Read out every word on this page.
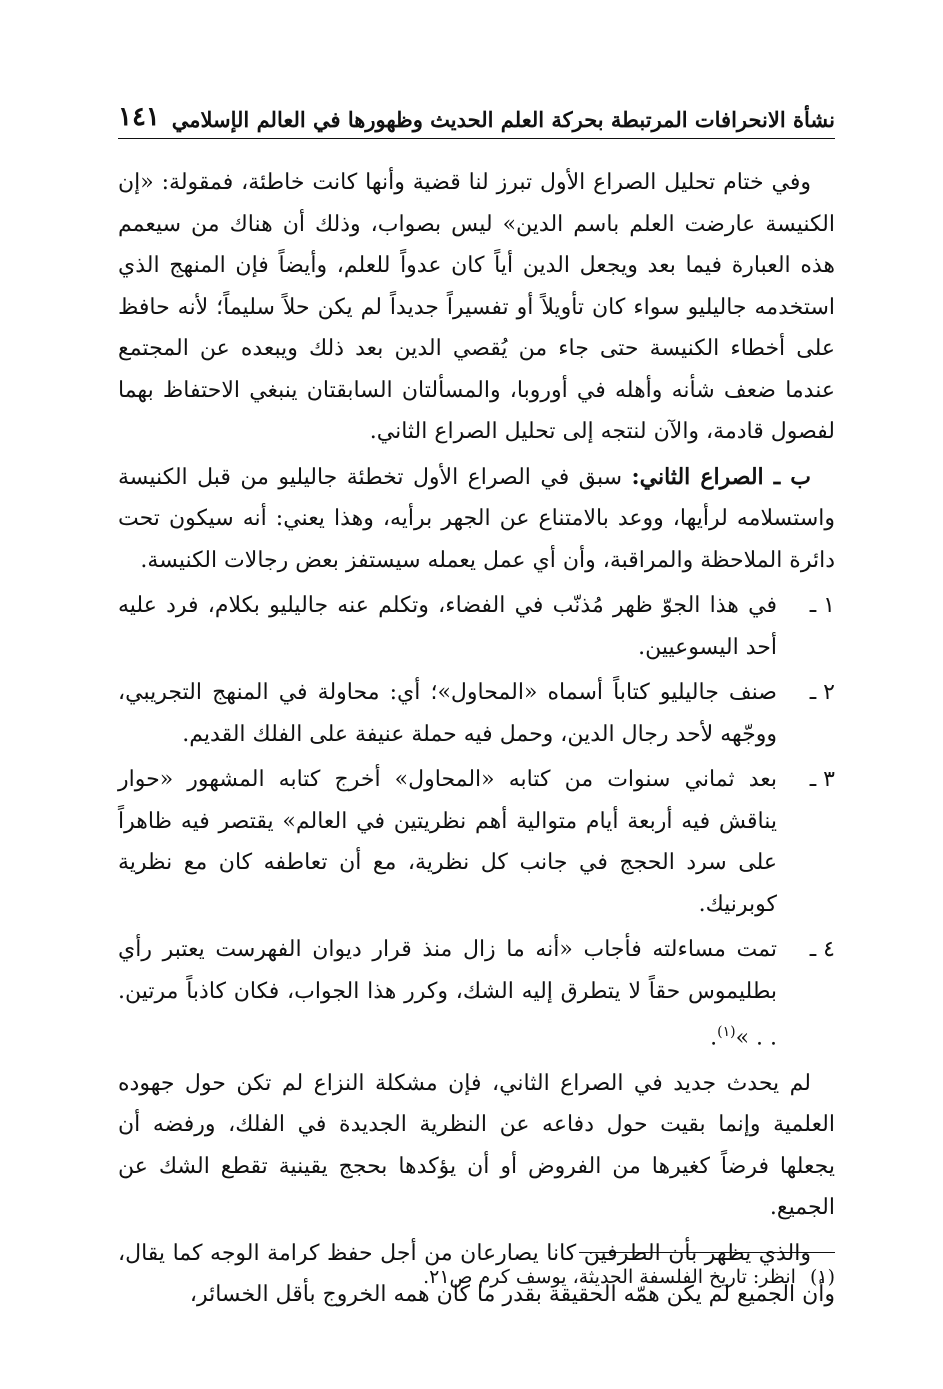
نشأة الانحرافات المرتبطة بحركة العلم الحديث وظهورها في العالم الإسلامي
١٤١

وفي ختام تحليل الصراع الأول تبرز لنا قضية وأنها كانت خاطئة، فمقولة: «إن الكنيسة عارضت العلم باسم الدين» ليس بصواب، وذلك أن هناك من سيعمم هذه العبارة فيما بعد ويجعل الدين أياً كان عدواً للعلم، وأيضاً فإن المنهج الذي استخدمه جاليليو سواء كان تأويلاً أو تفسيراً جديداً لم يكن حلاً سليماً؛ لأنه حافظ على أخطاء الكنيسة حتى جاء من يُقصي الدين بعد ذلك ويبعده عن المجتمع عندما ضعف شأنه وأهله في أوروبا، والمسألتان السابقتان ينبغي الاحتفاظ بهما لفصول قادمة، والآن لنتجه إلى تحليل الصراع الثاني.

ب ـ الصراع الثاني: سبق في الصراع الأول تخطئة جاليليو من قبل الكنيسة واستسلامه لرأيها، ووعد بالامتناع عن الجهر برأيه، وهذا يعني: أنه سيكون تحت دائرة الملاحظة والمراقبة، وأن أي عمل يعمله سيستفز بعض رجالات الكنيسة.

١ ـ
في هذا الجوّ ظهر مُذنّب في الفضاء، وتكلم عنه جاليليو بكلام، فرد عليه أحد اليسوعيين.
٢ ـ
صنف جاليليو كتاباً أسماه «المحاول»؛ أي: محاولة في المنهج التجريبي، ووجّهه لأحد رجال الدين، وحمل فيه حملة عنيفة على الفلك القديم.
٣ ـ
بعد ثماني سنوات من كتابه «المحاول» أخرج كتابه المشهور «حوار يناقش فيه أربعة أيام متوالية أهم نظريتين في العالم» يقتصر فيه ظاهراً على سرد الحجج في جانب كل نظرية، مع أن تعاطفه كان مع نظرية كوبرنيك.
٤ ـ
تمت مساءلته فأجاب «أنه ما زال منذ قرار ديوان الفهرست يعتبر رأي بطليموس حقاً لا يتطرق إليه الشك، وكرر هذا الجواب، فكان كاذباً مرتين. . . »$^{(١)}$.

لم يحدث جديد في الصراع الثاني، فإن مشكلة النزاع لم تكن حول جهوده العلمية وإنما بقيت حول دفاعه عن النظرية الجديدة في الفلك، ورفضه أن يجعلها فرضاً كغيرها من الفروض أو أن يؤكدها بحجج يقينية تقطع الشك عن الجميع.

والذي يظهر بأن الطرفين كانا يصارعان من أجل حفظ كرامة الوجه كما يقال، وأن الجميع لم يكن همّه الحقيقة بقدر ما كان همه الخروج بأقل الخسائر،

(١)انظر: تاريخ الفلسفة الحديثة، يوسف كرم ص٢١.
